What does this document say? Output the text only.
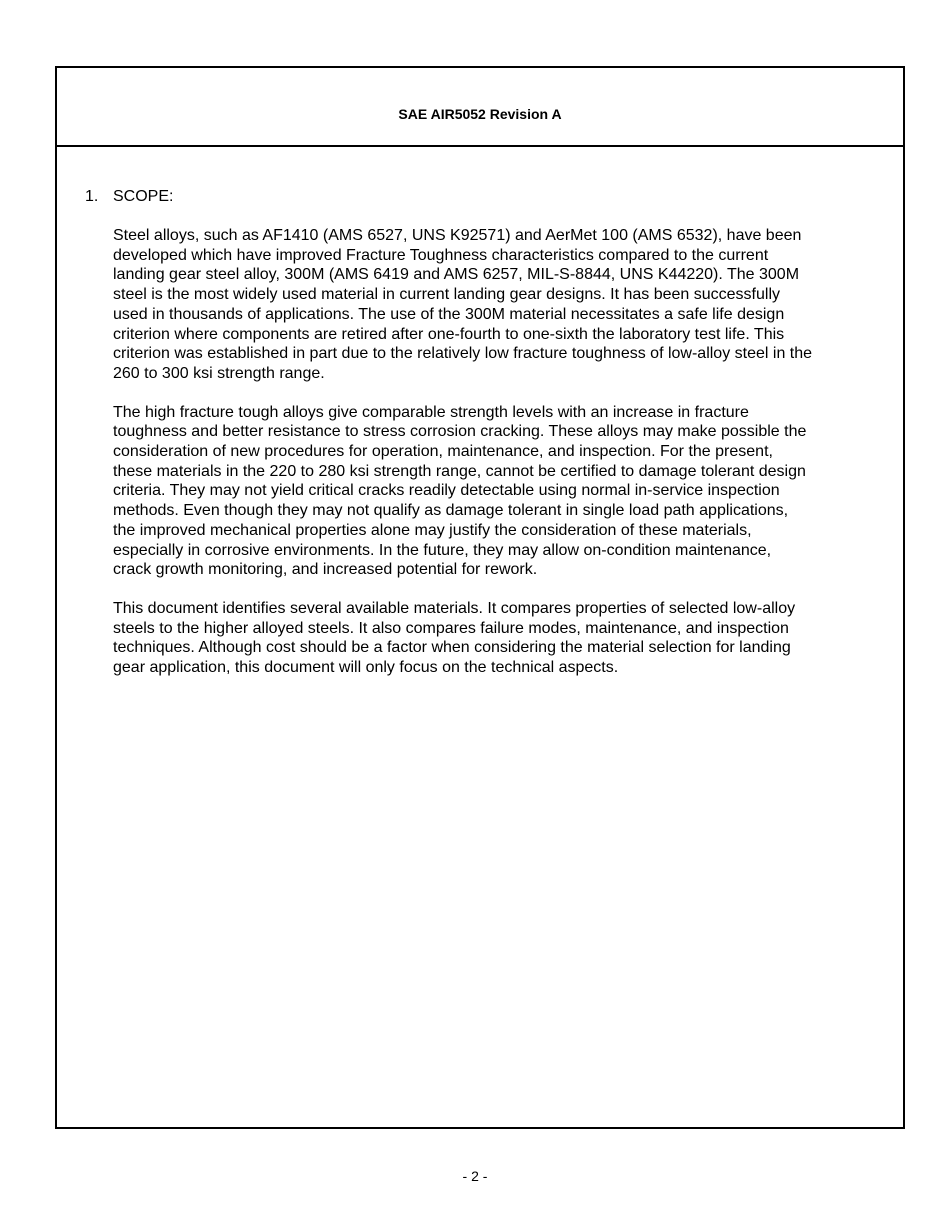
SAE AIR5052 Revision A
1. SCOPE:
Steel alloys, such as AF1410 (AMS 6527, UNS K92571) and AerMet 100 (AMS 6532), have been
developed which have improved Fracture Toughness characteristics compared to the current
landing gear steel alloy, 300M (AMS 6419 and AMS 6257, MIL-S-8844, UNS K44220). The 300M
steel is the most widely used material in current landing gear designs. It has been successfully
used in thousands of applications. The use of the 300M material necessitates a safe life design
criterion where components are retired after one-fourth to one-sixth the laboratory test life. This
criterion was established in part due to the relatively low fracture toughness of low-alloy steel in the
260 to 300 ksi strength range.
The high fracture tough alloys give comparable strength levels with an increase in fracture
toughness and better resistance to stress corrosion cracking. These alloys may make possible the
consideration of new procedures for operation, maintenance, and inspection. For the present,
these materials in the 220 to 280 ksi strength range, cannot be certified to damage tolerant design
criteria. They may not yield critical cracks readily detectable using normal in-service inspection
methods. Even though they may not qualify as damage tolerant in single load path applications,
the improved mechanical properties alone may justify the consideration of these materials,
especially in corrosive environments. In the future, they may allow on-condition maintenance,
crack growth monitoring, and increased potential for rework.
This document identifies several available materials. It compares properties of selected low-alloy
steels to the higher alloyed steels. It also compares failure modes, maintenance, and inspection
techniques. Although cost should be a factor when considering the material selection for landing
gear application, this document will only focus on the technical aspects.
- 2 -
